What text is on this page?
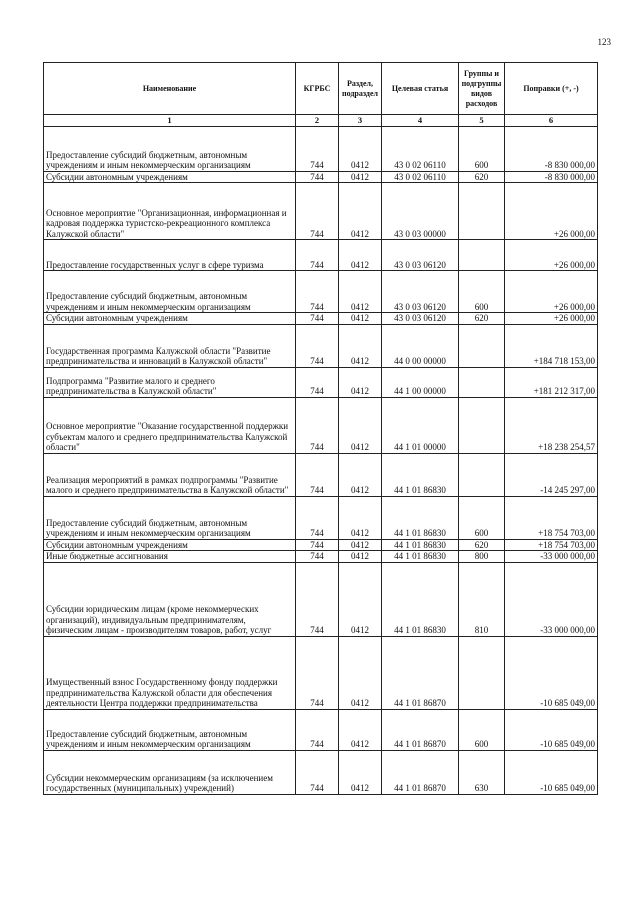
123
Наименование	КГРБС	Раздел, подраздел	Целевая статья	Группы и подгруппы видов расходов	Поправки (+, -)
1	2	3	4	5	6
Предоставление субсидий бюджетным, автономным учреждениям и иным некоммерческим организациям	744	0412	43 0 02 06110	600	-8 830 000,00
Субсидии автономным учреждениям	744	0412	43 0 02 06110	620	-8 830 000,00
Основное мероприятие "Организационная, информационная и кадровая поддержка туристско-рекреационного комплекса Калужской области"	744	0412	43 0 03 00000		+26 000,00
Предоставление государственных услуг в сфере туризма	744	0412	43 0 03 06120		+26 000,00
Предоставление субсидий бюджетным, автономным учреждениям и иным некоммерческим организациям	744	0412	43 0 03 06120	600	+26 000,00
Субсидии автономным учреждениям	744	0412	43 0 03 06120	620	+26 000,00
Государственная программа Калужской области "Развитие предпринимательства и инноваций в Калужской области"	744	0412	44 0 00 00000		+184 718 153,00
Подпрограмма "Развитие малого и среднего предпринимательства в Калужской области"	744	0412	44 1 00 00000		+181 212 317,00
Основное мероприятие "Оказание государственной поддержки субъектам малого и среднего предпринимательства Калужской области"	744	0412	44 1 01 00000		+18 238 254,57
Реализация мероприятий в рамках подпрограммы "Развитие малого и среднего предпринимательства в Калужской области"	744	0412	44 1 01 86830		-14 245 297,00
Предоставление субсидий бюджетным, автономным учреждениям и иным некоммерческим организациям	744	0412	44 1 01 86830	600	+18 754 703,00
Субсидии автономным учреждениям	744	0412	44 1 01 86830	620	+18 754 703,00
Иные бюджетные ассигнования	744	0412	44 1 01 86830	800	-33 000 000,00
Субсидии юридическим лицам (кроме некоммерческих организаций), индивидуальным предпринимателям, физическим лицам - производителям товаров, работ, услуг	744	0412	44 1 01 86830	810	-33 000 000,00
Имущественный взнос Государственному фонду поддержки предпринимательства Калужской области для обеспечения деятельности Центра поддержки предпринимательства	744	0412	44 1 01 86870		-10 685 049,00
Предоставление субсидий бюджетным, автономным учреждениям и иным некоммерческим организациям	744	0412	44 1 01 86870	600	-10 685 049,00
Субсидии некоммерческим организациям (за исключением государственных (муниципальных) учреждений)	744	0412	44 1 01 86870	630	-10 685 049,00
